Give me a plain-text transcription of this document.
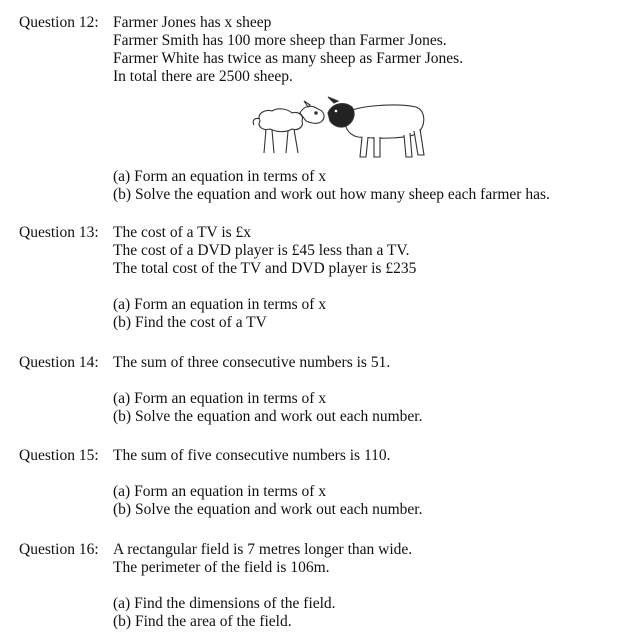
Question 12: Farmer Jones has x sheep
Farmer Smith has 100 more sheep than Farmer Jones.
Farmer White has twice as many sheep as Farmer Jones.
In total there are 2500 sheep.
(a) Form an equation in terms of x
(b) Solve the equation and work out how many sheep each farmer has.
Question 13: The cost of a TV is £x
The cost of a DVD player is £45 less than a TV.
The total cost of the TV and DVD player is £235
(a) Form an equation in terms of x
(b) Find the cost of a TV
Question 14: The sum of three consecutive numbers is 51.
(a) Form an equation in terms of x
(b) Solve the equation and work out each number.
Question 15: The sum of five consecutive numbers is 110.
(a) Form an equation in terms of x
(b) Solve the equation and work out each number.
Question 16: A rectangular field is 7 metres longer than wide.
The perimeter of the field is 106m.
(a) Find the dimensions of the field.
(b) Find the area of the field.
